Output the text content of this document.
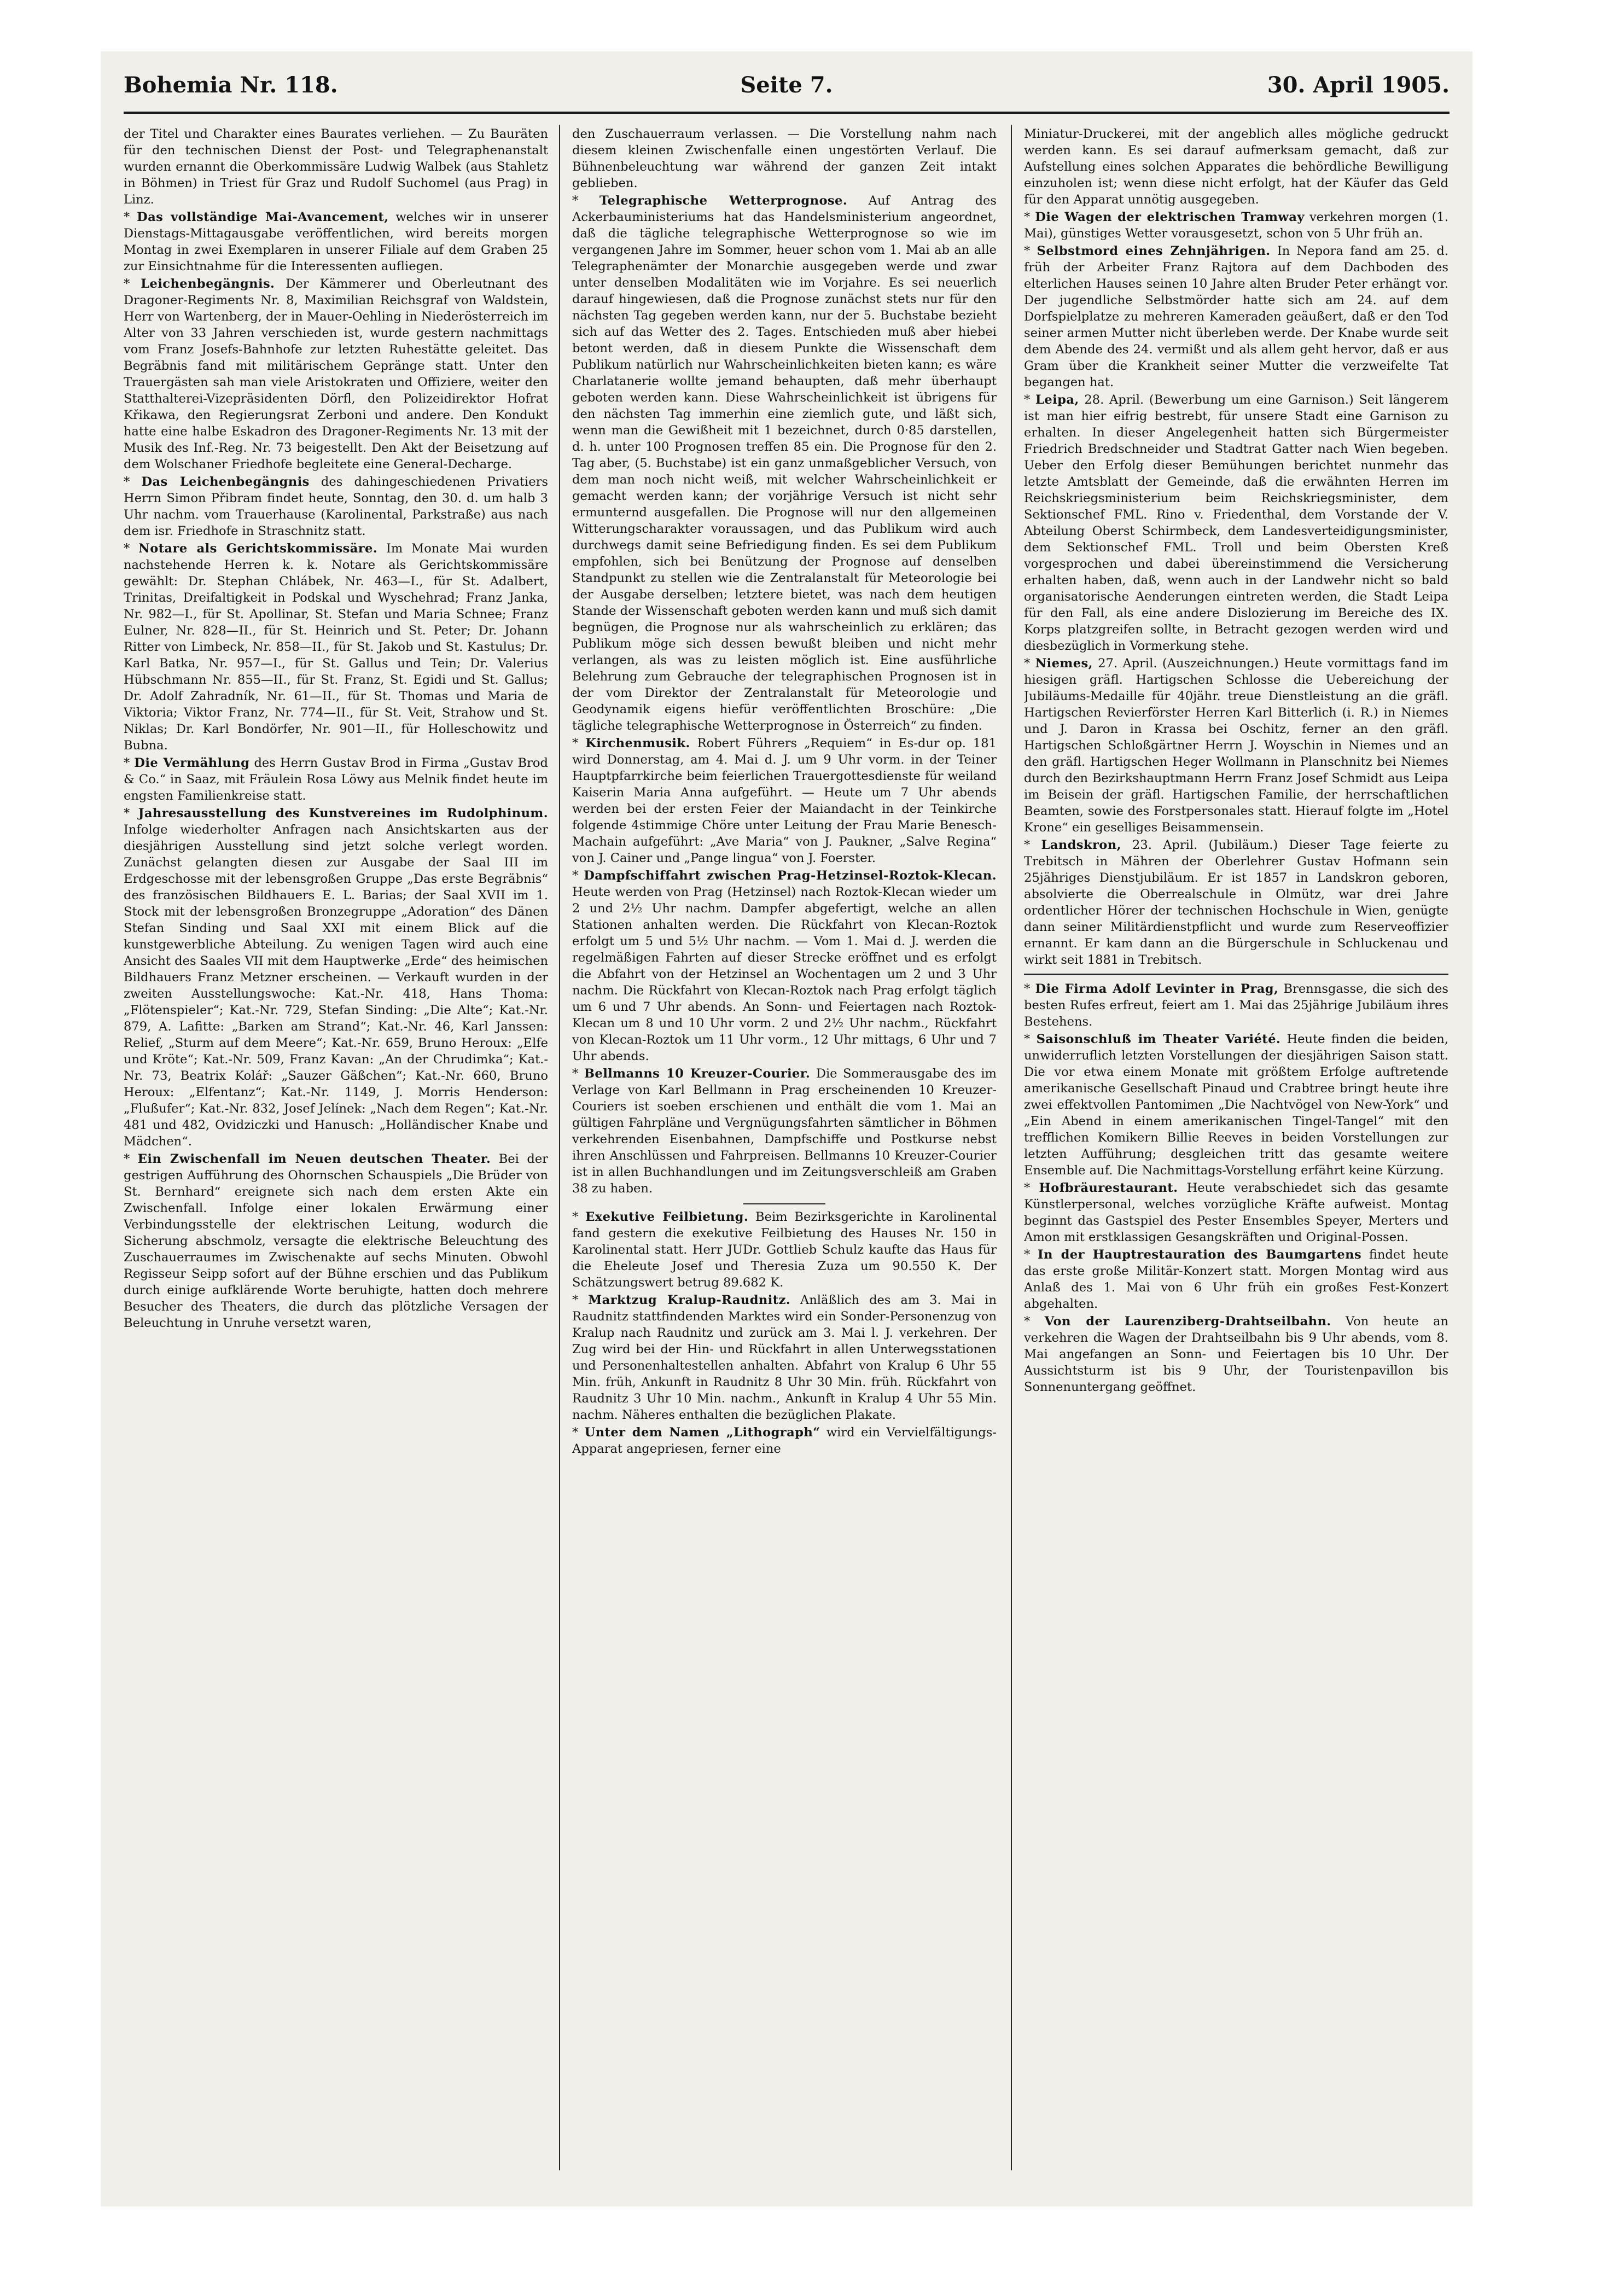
Bohemia Nr. 118.	Seite 7.	30. April 1905.

der Titel und Charakter eines Baurates verliehen. — Zu Bauräten für den technischen Dienst der Post- und Telegraphenanstalt wurden ernannt die Oberkommissäre Ludwig Walbek (aus Stahletz in Böhmen) in Triest für Graz und Rudolf Suchomel (aus Prag) in Linz.

* Das vollständige Mai-Avancement, welches wir in unserer Dienstags-Mittagausgabe veröffentlichen, wird bereits morgen Montag in zwei Exemplaren in unserer Filiale auf dem Graben 25 zur Einsichtnahme für die Interessenten aufliegen.

* Leichenbegängnis. Der Kämmerer und Oberleutnant des Dragoner-Regiments Nr. 8, Maximilian Reichsgraf von Waldstein, Herr von Wartenberg, der in Mauer-Oehling in Niederösterreich im Alter von 33 Jahren verschieden ist, wurde gestern nachmittags vom Franz Josefs-Bahnhofe zur letzten Ruhestätte geleitet. Das Begräbnis fand mit militärischem Gepränge statt. Unter den Trauergästen sah man viele Aristokraten und Offiziere, weiter den Statthalterei-Vizepräsidenten Dörfl, den Polizeidirektor Hofrat Křikawa, den Regierungsrat Zerboni und andere. Den Kondukt hatte eine halbe Eskadron des Dragoner-Regiments Nr. 13 mit der Musik des Inf.-Reg. Nr. 73 beigestellt. Den Akt der Beisetzung auf dem Wolschaner Friedhofe begleitete eine General-Decharge.

* Das Leichenbegängnis des dahingeschiedenen Privatiers Herrn Simon Přibram findet heute, Sonntag, den 30. d. um halb 3 Uhr nachm. vom Trauerhause (Karolinental, Parkstraße) aus nach dem isr. Friedhofe in Straschnitz statt.

* Notare als Gerichtskommissäre. Im Monate Mai wurden nachstehende Herren k. k. Notare als Gerichtskommissäre gewählt: Dr. Stephan Chlábek, Nr. 463—I., für St. Adalbert, Trinitas, Dreifaltigkeit in Podskal und Wyschehrad; Franz Janka, Nr. 982—I., für St. Apollinar, St. Stefan und Maria Schnee; Franz Eulner, Nr. 828—II., für St. Heinrich und St. Peter; Dr. Johann Ritter von Limbeck, Nr. 858—II., für St. Jakob und St. Kastulus; Dr. Karl Batka, Nr. 957—I., für St. Gallus und Tein; Dr. Valerius Hübschmann Nr. 855—II., für St. Franz, St. Egidi und St. Gallus; Dr. Adolf Zahradník, Nr. 61—II., für St. Thomas und Maria de Viktoria; Viktor Franz, Nr. 774—II., für St. Veit, Strahow und St. Niklas; Dr. Karl Bondörfer, Nr. 901—II., für Holleschowitz und Bubna.

* Die Vermählung des Herrn Gustav Brod in Firma „Gustav Brod & Co.“ in Saaz, mit Fräulein Rosa Löwy aus Melnik findet heute im engsten Familienkreise statt.

* Jahresausstellung des Kunstvereines im Rudolphinum. Infolge wiederholter Anfragen nach Ansichtskarten aus der diesjährigen Ausstellung sind jetzt solche verlegt worden. Zunächst gelangten diesen zur Ausgabe der Saal III im Erdgeschosse mit der lebensgroßen Gruppe „Das erste Begräbnis“ des französischen Bildhauers E. L. Barias; der Saal XVII im 1. Stock mit der lebensgroßen Bronzegruppe „Adoration“ des Dänen Stefan Sinding und Saal XXI mit einem Blick auf die kunstgewerbliche Abteilung. Zu wenigen Tagen wird auch eine Ansicht des Saales VII mit dem Hauptwerke „Erde“ des heimischen Bildhauers Franz Metzner erscheinen. — Verkauft wurden in der zweiten Ausstellungswoche: Kat.-Nr. 418, Hans Thoma: „Flötenspieler“; Kat.-Nr. 729, Stefan Sinding: „Die Alte“; Kat.-Nr. 879, A. Lafitte: „Barken am Strand“; Kat.-Nr. 46, Karl Janssen: Relief, „Sturm auf dem Meere“; Kat.-Nr. 659, Bruno Heroux: „Elfe und Kröte“; Kat.-Nr. 509, Franz Kavan: „An der Chrudimka“; Kat.-Nr. 73, Beatrix Kolář: „Sauzer Gäßchen“; Kat.-Nr. 660, Bruno Heroux: „Elfentanz“; Kat.-Nr. 1149, J. Morris Henderson: „Flußufer“; Kat.-Nr. 832, Josef Jelínek: „Nach dem Regen“; Kat.-Nr. 481 und 482, Ovidziczki und Hanusch: „Holländischer Knabe und Mädchen“.

* Ein Zwischenfall im Neuen deutschen Theater. Bei der gestrigen Aufführung des Ohornschen Schauspiels „Die Brüder von St. Bernhard“ ereignete sich nach dem ersten Akte ein Zwischenfall. Infolge einer lokalen Erwärmung einer Verbindungsstelle der elektrischen Leitung, wodurch die Sicherung abschmolz, versagte die elektrische Beleuchtung des Zuschauerraumes im Zwischenakte auf sechs Minuten. Obwohl Regisseur Seipp sofort auf der Bühne erschien und das Publikum durch einige aufklärende Worte beruhigte, hatten doch mehrere Besucher des Theaters, die durch das plötzliche Versagen der Beleuchtung in Unruhe versetzt waren,

den Zuschauerraum verlassen. — Die Vorstellung nahm nach diesem kleinen Zwischenfalle einen ungestörten Verlauf. Die Bühnenbeleuchtung war während der ganzen Zeit intakt geblieben.

* Telegraphische Wetterprognose. Auf Antrag des Ackerbauministeriums hat das Handelsministerium angeordnet, daß die tägliche telegraphische Wetterprognose so wie im vergangenen Jahre im Sommer, heuer schon vom 1. Mai ab an alle Telegraphenämter der Monarchie ausgegeben werde und zwar unter denselben Modalitäten wie im Vorjahre. Es sei neuerlich darauf hingewiesen, daß die Prognose zunächst stets nur für den nächsten Tag gegeben werden kann, nur der 5. Buchstabe bezieht sich auf das Wetter des 2. Tages. Entschieden muß aber hiebei betont werden, daß in diesem Punkte die Wissenschaft dem Publikum natürlich nur Wahrscheinlichkeiten bieten kann; es wäre Charlatanerie wollte jemand behaupten, daß mehr überhaupt geboten werden kann. Diese Wahrscheinlichkeit ist übrigens für den nächsten Tag immerhin eine ziemlich gute, und läßt sich, wenn man die Gewißheit mit 1 bezeichnet, durch 0·85 darstellen, d. h. unter 100 Prognosen treffen 85 ein. Die Prognose für den 2. Tag aber, (5. Buchstabe) ist ein ganz unmaßgeblicher Versuch, von dem man noch nicht weiß, mit welcher Wahrscheinlichkeit er gemacht werden kann; der vorjährige Versuch ist nicht sehr ermunternd ausgefallen. Die Prognose will nur den allgemeinen Witterungscharakter voraussagen, und das Publikum wird auch durchwegs damit seine Befriedigung finden. Es sei dem Publikum empfohlen, sich bei Benützung der Prognose auf denselben Standpunkt zu stellen wie die Zentralanstalt für Meteorologie bei der Ausgabe derselben; letztere bietet, was nach dem heutigen Stande der Wissenschaft geboten werden kann und muß sich damit begnügen, die Prognose nur als wahrscheinlich zu erklären; das Publikum möge sich dessen bewußt bleiben und nicht mehr verlangen, als was zu leisten möglich ist. Eine ausführliche Belehrung zum Gebrauche der telegraphischen Prognosen ist in der vom Direktor der Zentralanstalt für Meteorologie und Geodynamik eigens hiefür veröffentlichten Broschüre: „Die tägliche telegraphische Wetterprognose in Österreich“ zu finden.

* Kirchenmusik. Robert Führers „Requiem“ in Es-dur op. 181 wird Donnerstag, am 4. Mai d. J. um 9 Uhr vorm. in der Teiner Hauptpfarrkirche beim feierlichen Trauergottesdienste für weiland Kaiserin Maria Anna aufgeführt. — Heute um 7 Uhr abends werden bei der ersten Feier der Maiandacht in der Teinkirche folgende 4stimmige Chöre unter Leitung der Frau Marie Benesch-Machain aufgeführt: „Ave Maria“ von J. Paukner, „Salve Regina“ von J. Cainer und „Pange lingua“ von J. Foerster.

* Dampfschiffahrt zwischen Prag-Hetzinsel-Roztok-Klecan. Heute werden von Prag (Hetzinsel) nach Roztok-Klecan wieder um 2 und 2½ Uhr nachm. Dampfer abgefertigt, welche an allen Stationen anhalten werden. Die Rückfahrt von Klecan-Roztok erfolgt um 5 und 5½ Uhr nachm. — Vom 1. Mai d. J. werden die regelmäßigen Fahrten auf dieser Strecke eröffnet und es erfolgt die Abfahrt von der Hetzinsel an Wochentagen um 2 und 3 Uhr nachm. Die Rückfahrt von Klecan-Roztok nach Prag erfolgt täglich um 6 und 7 Uhr abends. An Sonn- und Feiertagen nach Roztok-Klecan um 8 und 10 Uhr vorm. 2 und 2½ Uhr nachm., Rückfahrt von Klecan-Roztok um 11 Uhr vorm., 12 Uhr mittags, 6 Uhr und 7 Uhr abends.

* Bellmanns 10 Kreuzer-Courier. Die Sommerausgabe des im Verlage von Karl Bellmann in Prag erscheinenden 10 Kreuzer-Couriers ist soeben erschienen und enthält die vom 1. Mai an gültigen Fahrpläne und Vergnügungsfahrten sämtlicher in Böhmen verkehrenden Eisenbahnen, Dampfschiffe und Postkurse nebst ihren Anschlüssen und Fahrpreisen. Bellmanns 10 Kreuzer-Courier ist in allen Buchhandlungen und im Zeitungsverschleiß am Graben 38 zu haben.

* Exekutive Feilbietung. Beim Bezirksgerichte in Karolinental fand gestern die exekutive Feilbietung des Hauses Nr. 150 in Karolinental statt. Herr JUDr. Gottlieb Schulz kaufte das Haus für die Eheleute Josef und Theresia Zuza um 90.550 K. Der Schätzungswert betrug 89.682 K.

* Marktzug Kralup-Raudnitz. Anläßlich des am 3. Mai in Raudnitz stattfindenden Marktes wird ein Sonder-Personenzug von Kralup nach Raudnitz und zurück am 3. Mai l. J. verkehren. Der Zug wird bei der Hin- und Rückfahrt in allen Unterwegsstationen und Personenhaltestellen anhalten. Abfahrt von Kralup 6 Uhr 55 Min. früh, Ankunft in Raudnitz 8 Uhr 30 Min. früh. Rückfahrt von Raudnitz 3 Uhr 10 Min. nachm., Ankunft in Kralup 4 Uhr 55 Min. nachm. Näheres enthalten die bezüglichen Plakate.

* Unter dem Namen „Lithograph“ wird ein Vervielfältigungs-Apparat angepriesen, ferner eine

Miniatur-Druckerei, mit der angeblich alles mögliche gedruckt werden kann. Es sei darauf aufmerksam gemacht, daß zur Aufstellung eines solchen Apparates die behördliche Bewilligung einzuholen ist; wenn diese nicht erfolgt, hat der Käufer das Geld für den Apparat unnötig ausgegeben.

* Die Wagen der elektrischen Tramway verkehren morgen (1. Mai), günstiges Wetter vorausgesetzt, schon von 5 Uhr früh an.

* Selbstmord eines Zehnjährigen. In Nepora fand am 25. d. früh der Arbeiter Franz Rajtora auf dem Dachboden des elterlichen Hauses seinen 10 Jahre alten Bruder Peter erhängt vor. Der jugendliche Selbstmörder hatte sich am 24. auf dem Dorfspielplatze zu mehreren Kameraden geäußert, daß er den Tod seiner armen Mutter nicht überleben werde. Der Knabe wurde seit dem Abende des 24. vermißt und als allem geht hervor, daß er aus Gram über die Krankheit seiner Mutter die verzweifelte Tat begangen hat.

* Leipa, 28. April. (Bewerbung um eine Garnison.) Seit längerem ist man hier eifrig bestrebt, für unsere Stadt eine Garnison zu erhalten. In dieser Angelegenheit hatten sich Bürgermeister Friedrich Bredschneider und Stadtrat Gatter nach Wien begeben. Ueber den Erfolg dieser Bemühungen berichtet nunmehr das letzte Amtsblatt der Gemeinde, daß die erwähnten Herren im Reichskriegsministerium beim Reichskriegsminister, dem Sektionschef FML. Rino v. Friedenthal, dem Vorstande der V. Abteilung Oberst Schirmbeck, dem Landesverteidigungsminister, dem Sektionschef FML. Troll und beim Obersten Kreß vorgesprochen und dabei übereinstimmend die Versicherung erhalten haben, daß, wenn auch in der Landwehr nicht so bald organisatorische Aenderungen eintreten werden, die Stadt Leipa für den Fall, als eine andere Dislozierung im Bereiche des IX. Korps platzgreifen sollte, in Betracht gezogen werden wird und diesbezüglich in Vormerkung stehe.

* Niemes, 27. April. (Auszeichnungen.) Heute vormittags fand im hiesigen gräfl. Hartigschen Schlosse die Uebereichung der Jubiläums-Medaille für 40jähr. treue Dienstleistung an die gräfl. Hartigschen Revierförster Herren Karl Bitterlich (i. R.) in Niemes und J. Daron in Krassa bei Oschitz, ferner an den gräfl. Hartigschen Schloßgärtner Herrn J. Woyschin in Niemes und an den gräfl. Hartigschen Heger Wollmann in Planschnitz bei Niemes durch den Bezirkshauptmann Herrn Franz Josef Schmidt aus Leipa im Beisein der gräfl. Hartigschen Familie, der herrschaftlichen Beamten, sowie des Forstpersonales statt. Hierauf folgte im „Hotel Krone“ ein geselliges Beisammensein.

* Landskron, 23. April. (Jubiläum.) Dieser Tage feierte zu Trebitsch in Mähren der Oberlehrer Gustav Hofmann sein 25jähriges Dienstjubiläum. Er ist 1857 in Landskron geboren, absolvierte die Oberrealschule in Olmütz, war drei Jahre ordentlicher Hörer der technischen Hochschule in Wien, genügte dann seiner Militärdienstpflicht und wurde zum Reserveoffizier ernannt. Er kam dann an die Bürgerschule in Schluckenau und wirkt seit 1881 in Trebitsch.

* Die Firma Adolf Levinter in Prag, Brennsgasse, die sich des besten Rufes erfreut, feiert am 1. Mai das 25jährige Jubiläum ihres Bestehens.

* Saisonschluß im Theater Variété. Heute finden die beiden, unwiderruflich letzten Vorstellungen der diesjährigen Saison statt. Die vor etwa einem Monate mit größtem Erfolge auftretende amerikanische Gesellschaft Pinaud und Crabtree bringt heute ihre zwei effektvollen Pantomimen „Die Nachtvögel von New-York“ und „Ein Abend in einem amerikanischen Tingel-Tangel“ mit den trefflichen Komikern Billie Reeves in beiden Vorstellungen zur letzten Aufführung; desgleichen tritt das gesamte weitere Ensemble auf. Die Nachmittags-Vorstellung erfährt keine Kürzung.

* Hofbräurestaurant. Heute verabschiedet sich das gesamte Künstlerpersonal, welches vorzügliche Kräfte aufweist. Montag beginnt das Gastspiel des Pester Ensembles Speyer, Merters und Amon mit erstklassigen Gesangskräften und Original-Possen.

* In der Hauptrestauration des Baumgartens findet heute das erste große Militär-Konzert statt. Morgen Montag wird aus Anlaß des 1. Mai von 6 Uhr früh ein großes Fest-Konzert abgehalten.

* Von der Laurenziberg-Drahtseilbahn. Von heute an verkehren die Wagen der Drahtseilbahn bis 9 Uhr abends, vom 8. Mai angefangen an Sonn- und Feiertagen bis 10 Uhr. Der Aussichtsturm ist bis 9 Uhr, der Touristenpavillon bis Sonnenuntergang geöffnet.
